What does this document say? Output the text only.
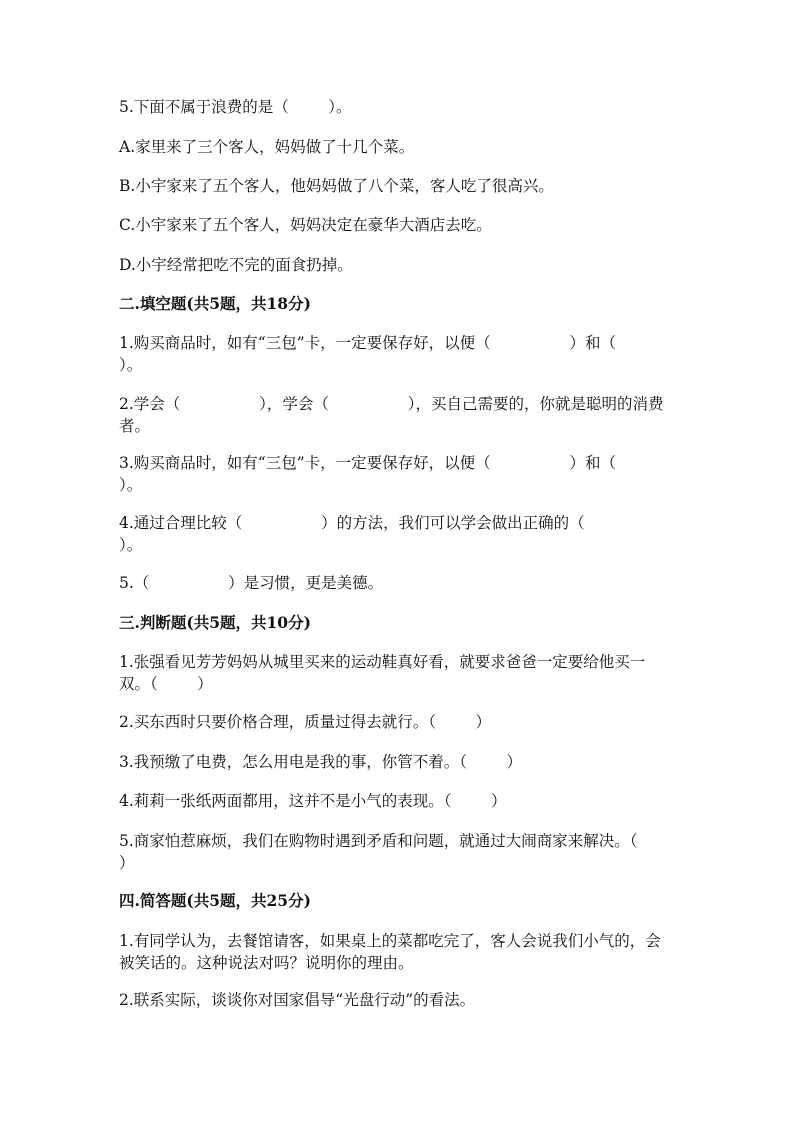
5.下面不属于浪费的是（        ）。
A.家里来了三个客人，妈妈做了十几个菜。
B.小宇家来了五个客人，他妈妈做了八个菜，客人吃了很高兴。
C.小宇家来了五个客人，妈妈决定在豪华大酒店去吃。
D.小宇经常把吃不完的面食扔掉。
二.填空题(共5题，共18分)
1.购买商品时，如有“三包”卡，一定要保存好，以便（                ）和（                ）。
2.学会（                ），学会（                ），买自己需要的，你就是聪明的消费者。
3.购买商品时，如有“三包”卡，一定要保存好，以便（                ）和（                ）。
4.通过合理比较（                ）的方法，我们可以学会做出正确的（                ）。
5.（                ）是习惯，更是美德。
三.判断题(共5题，共10分)
1.张强看见芳芳妈妈从城里买来的运动鞋真好看，就要求爸爸一定要给他买一双。（        ）
2.买东西时只要价格合理，质量过得去就行。（        ）
3.我预缴了电费，怎么用电是我的事，你管不着。（        ）
4.莉莉一张纸两面都用，这并不是小气的表现。（        ）
5.商家怕惹麻烦，我们在购物时遇到矛盾和问题，就通过大闹商家来解决。（        ）
四.简答题(共5题，共25分)
1.有同学认为，去餐馆请客，如果桌上的菜都吃完了，客人会说我们小气的，会被笑话的。这种说法对吗？说明你的理由。
2.联系实际，谈谈你对国家倡导“光盘行动”的看法。
